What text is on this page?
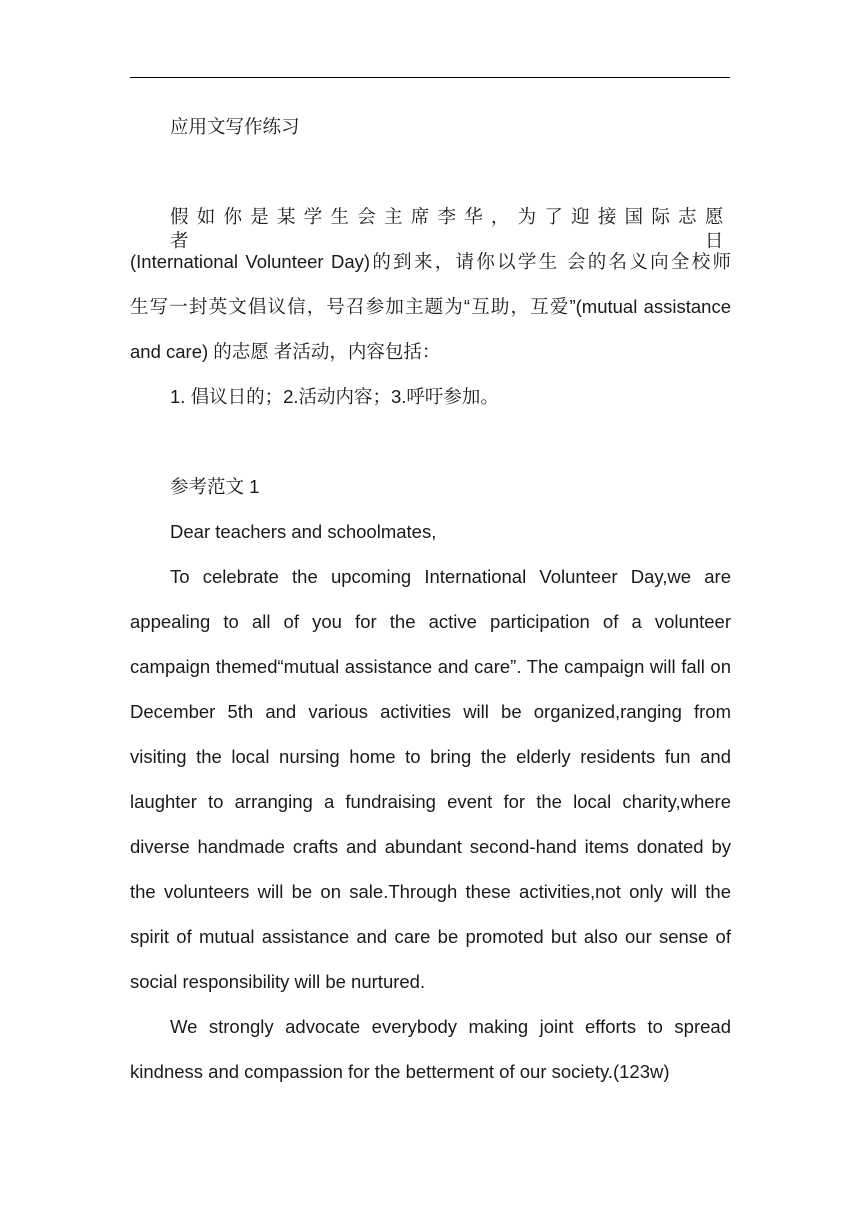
应用文写作练习
假如你是某学生会主席李华，为了迎接国际志愿者日
(International Volunteer Day)的到来，请你以学生 会的名义向全校师
生写一封英文倡议信，号召参加主题为“互助，互爱”(mutual assistance
and care) 的志愿 者活动，内容包括：
1. 倡议日的；2.活动内容；3.呼吁参加。
参考范文 1
Dear teachers and schoolmates,
To celebrate the upcoming International Volunteer Day,we are
appealing to all of you for the active participation of a volunteer
campaign themed“mutual assistance and care”. The campaign will fall on
December 5th and various activities will be organized,ranging from
visiting the local nursing home to bring the elderly residents fun and
laughter to arranging a fundraising event for the local charity,where
diverse handmade crafts and abundant second-hand items donated by
the volunteers will be on sale.Through these activities,not only will the
spirit of mutual assistance and care be promoted but also our sense of
social responsibility will be nurtured.
We strongly advocate everybody making joint efforts to spread
kindness and compassion for the betterment of our society.(123w)
